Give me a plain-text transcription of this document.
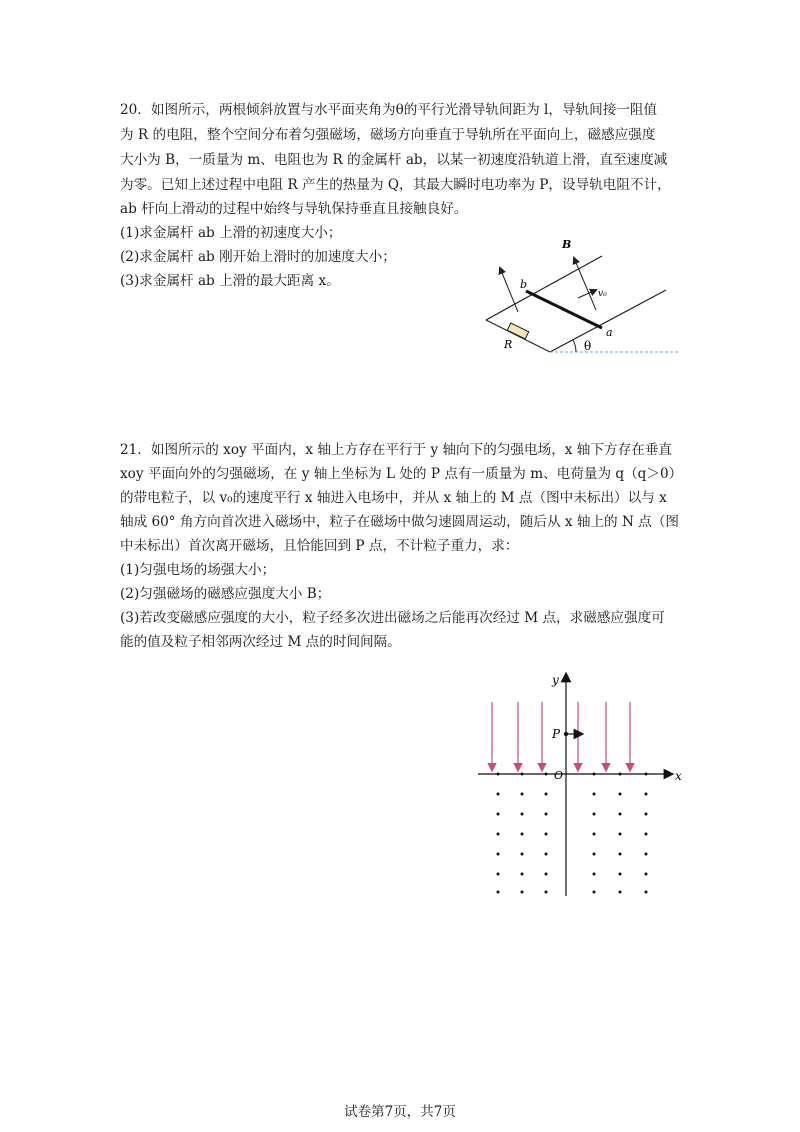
20．如图所示，两根倾斜放置与水平面夹角为θ的平行光滑导轨间距为 l，导轨间接一阻值
为 R 的电阻，整个空间分布着匀强磁场，磁场方向垂直于导轨所在平面向上，磁感应强度
大小为 B，一质量为 m、电阻也为 R 的金属杆 ab，以某一初速度沿轨道上滑，直至速度减
为零。已知上述过程中电阻 R 产生的热量为 Q，其最大瞬时电功率为 P，设导轨电阻不计，
ab 杆向上滑动的过程中始终与导轨保持垂直且接触良好。
(1)求金属杆 ab 上滑的初速度大小；
(2)求金属杆 ab 刚开始上滑时的加速度大小；
(3)求金属杆 ab 上滑的最大距离 x。
R
b
a
v₀
B
θ
21．如图所示的 xoy 平面内，x 轴上方存在平行于 y 轴向下的匀强电场，x 轴下方存在垂直
xoy 平面向外的匀强磁场，在 y 轴上坐标为 L 处的 P 点有一质量为 m、电荷量为 q（q＞0）
的带电粒子，以 v₀的速度平行 x 轴进入电场中，并从 x 轴上的 M 点（图中未标出）以与 x
轴成 60° 角方向首次进入磁场中，粒子在磁场中做匀速圆周运动，随后从 x 轴上的 N 点（图
中未标出）首次离开磁场，且恰能回到 P 点，不计粒子重力，求：
(1)匀强电场的场强大小；
(2)匀强磁场的磁感应强度大小 B；
(3)若改变磁感应强度的大小，粒子经多次进出磁场之后能再次经过 M 点，求磁感应强度可
能的值及粒子相邻两次经过 M 点的时间间隔。
x
y
O
P
试卷第7页，共7页
